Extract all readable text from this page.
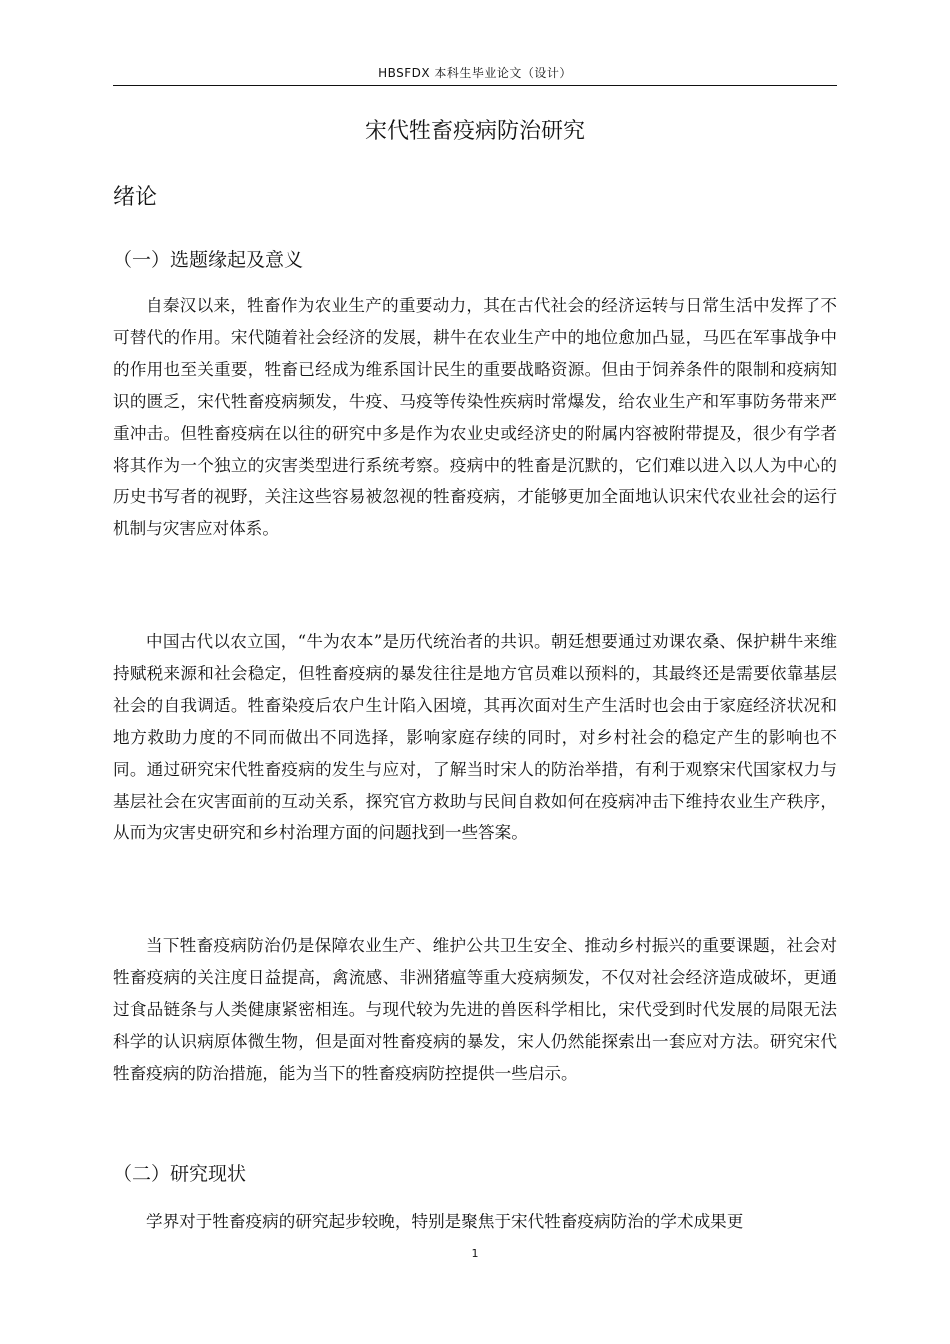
HBSFDX 本科生毕业论文（设计）
宋代牲畜疫病防治研究
绪论
（一）选题缘起及意义

自秦汉以来，牲畜作为农业生产的重要动力，其在古代社会的经济运转与日常生活中发挥了不可替代的作用。宋代随着社会经济的发展，耕牛在农业生产中的地位愈加凸显，马匹在军事战争中的作用也至关重要，牲畜已经成为维系国计民生的重要战略资源。但由于饲养条件的限制和疫病知识的匮乏，宋代牲畜疫病频发，牛疫、马疫等传染性疾病时常爆发，给农业生产和军事防务带来严重冲击。但牲畜疫病在以往的研究中多是作为农业史或经济史的附属内容被附带提及，很少有学者将其作为一个独立的灾害类型进行系统考察。疫病中的牲畜是沉默的，它们难以进入以人为中心的历史书写者的视野，关注这些容易被忽视的牲畜疫病，才能够更加全面地认识宋代农业社会的运行机制与灾害应对体系。

中国古代以农立国，“牛为农本”是历代统治者的共识。朝廷想要通过劝课农桑、保护耕牛来维持赋税来源和社会稳定，但牲畜疫病的暴发往往是地方官员难以预料的，其最终还是需要依靠基层社会的自我调适。牲畜染疫后农户生计陷入困境，其再次面对生产生活时也会由于家庭经济状况和地方救助力度的不同而做出不同选择，影响家庭存续的同时，对乡村社会的稳定产生的影响也不同。通过研究宋代牲畜疫病的发生与应对，了解当时宋人的防治举措，有利于观察宋代国家权力与基层社会在灾害面前的互动关系，探究官方救助与民间自救如何在疫病冲击下维持农业生产秩序，从而为灾害史研究和乡村治理方面的问题找到一些答案。

当下牲畜疫病防治仍是保障农业生产、维护公共卫生安全、推动乡村振兴的重要课题，社会对牲畜疫病的关注度日益提高，禽流感、非洲猪瘟等重大疫病频发，不仅对社会经济造成破坏，更通过食品链条与人类健康紧密相连。与现代较为先进的兽医科学相比，宋代受到时代发展的局限无法科学的认识病原体微生物，但是面对牲畜疫病的暴发，宋人仍然能探索出一套应对方法。研究宋代牲畜疫病的防治措施，能为当下的牲畜疫病防控提供一些启示。

（二）研究现状

学界对于牲畜疫病的研究起步较晚，特别是聚焦于宋代牲畜疫病防治的学术成果更

1
